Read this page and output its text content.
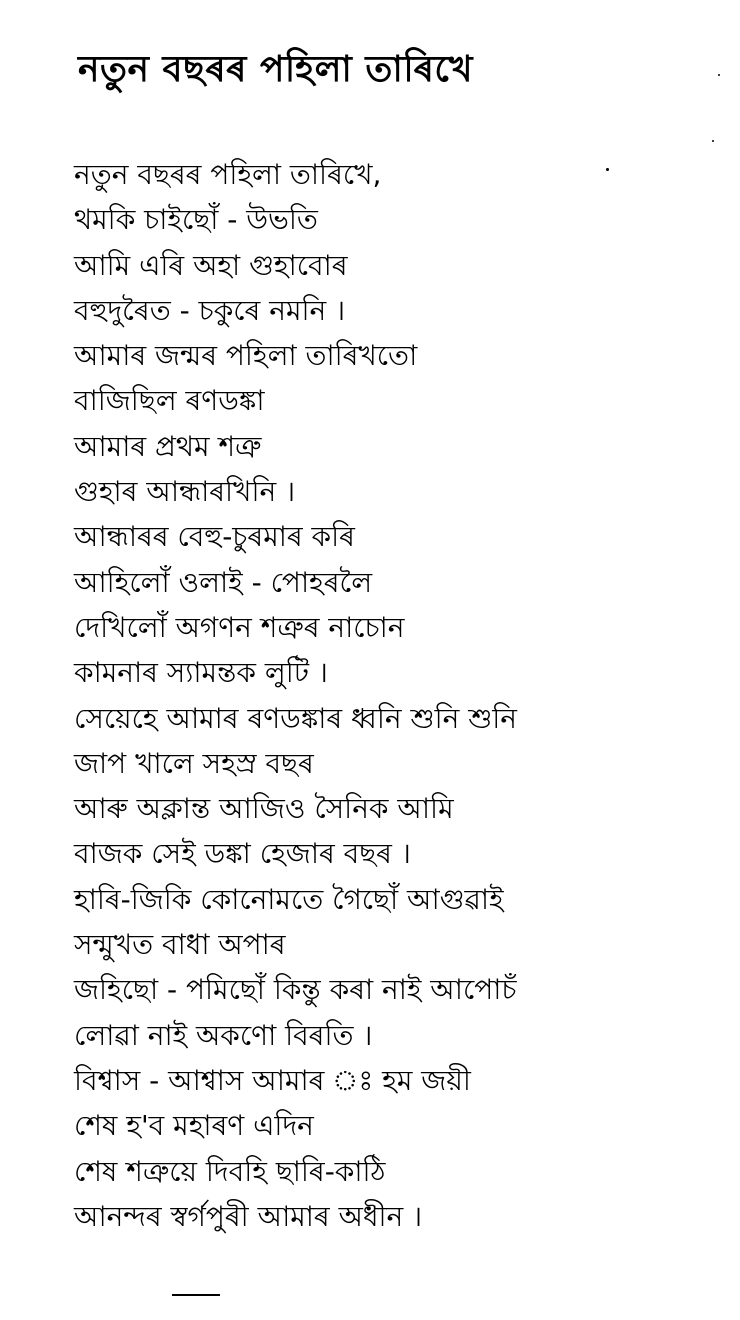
নতুন বছৰৰ পহিলা তাৰিখে
নতুন বছৰৰ পহিলা তাৰিখে,
থমকি চাইছোঁ - উভতি
আমি এৰি অহা গুহাবোৰ
বহুদুৰৈত - চকুৰে নমনি ।
আমাৰ জন্মৰ পহিলা তাৰিখতো
বাজিছিল ৰণডঙ্কা
আমাৰ প্ৰথম শত্ৰু
গুহাৰ আন্ধাৰখিনি ।
আন্ধাৰৰ বেহু-চুৰমাৰ কৰি
আহিলোঁ ওলাই - পোহৰলৈ
দেখিলোঁ অগণন শত্ৰুৰ নাচোন
কামনাৰ স্যামন্তক লুটি ।
সেয়েহে আমাৰ ৰণডঙ্কাৰ ধ্বনি শুনি শুনি
জাপ খালে সহস্ৰ বছৰ
আৰু অক্লান্ত আজিও সৈনিক আমি
বাজক সেই ডঙ্কা হেজাৰ বছৰ ।
হাৰি-জিকি কোনোমতে গৈছোঁ আগুৱাই
সন্মুখত বাধা অপাৰ
জহিছো - পমিছোঁ কিন্তু কৰা নাই আপোচঁ
লোৱা নাই অকণো বিৰতি ।
বিশ্বাস - আশ্বাস আমাৰ ঃ হম জয়ী
শেষ হ'ব মহাৰণ এদিন
শেষ শত্ৰুয়ে দিবহি ছাৰি-কাঠি
আনন্দৰ স্বৰ্গপুৰী আমাৰ অধীন ।
